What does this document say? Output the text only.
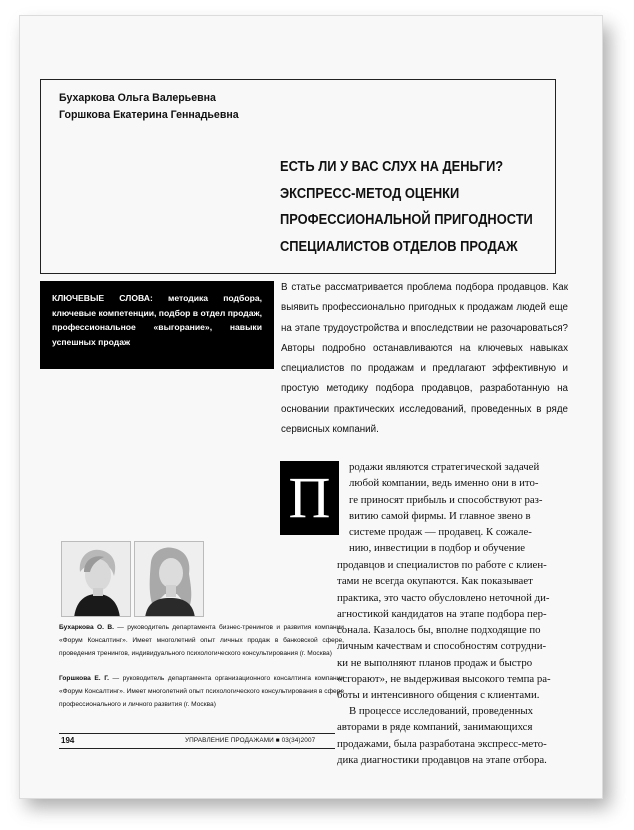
Бухаркова Ольга Валерьевна
Горшкова Екатерина Геннадьевна
ЕСТЬ ЛИ У ВАС СЛУХ НА ДЕНЬГИ?
ЭКСПРЕСС-МЕТОД ОЦЕНКИ
ПРОФЕССИОНАЛЬНОЙ ПРИГОДНОСТИ
СПЕЦИАЛИСТОВ ОТДЕЛОВ ПРОДАЖ
КЛЮЧЕВЫЕ СЛОВА: методика подбора, ключевые компетенции, подбор в отдел продаж, профессиональное «выгорание», навыки успешных продаж

В статье рассматривается проблема подбора продавцов. Как выявить профессионально пригодных к продажам людей еще на этапе трудоустройства и впоследствии не разочароваться? Авторы подробно останавливаются на ключевых навыках специалистов по продажам и предлагают эффективную и простую методику подбора продавцов, разработанную на основании практических исследований, проведенных в ряде сервисных компаний.

П	родажи являются стратегической задачей
любой компании, ведь именно они в ито-
ге приносят прибыль и способствуют раз-
витию самой фирмы. И главное звено в
системе продаж — продавец. К сожале-
нию, инвестиции в подбор и обучение

продавцов и специалистов по работе с клиен-
тами не всегда окупаются. Как показывает
практика, это часто обусловлено неточной ди-
агностикой кандидатов на этапе подбора пер-
сонала. Казалось бы, вполне подходящие по
личным качествам и способностям сотрудни-
ки не выполняют планов продаж и быстро
«сгорают», не выдерживая высокого темпа ра-
боты и интенсивного общения с клиентами.

В процессе исследований, проведенных
авторами в ряде компаний, занимающихся
продажами, была разработана экспресс-мето-
дика диагностики продавцов на этапе отбора.

Бухаркова О. В. — руководитель департамента бизнес-тренингов и развития компании «Форум Консалтинг». Имеет многолетний опыт личных продаж в банковской сфере, проведения тренингов, индивидуального психологического консультирования (г. Москва)

Горшкова Е. Г. — руководитель департамента организационного консалтинга компании «Форум Консалтинг». Имеет многолетний опыт психологического консультирования в сфере профессионального и личного развития (г. Москва)

194	УПРАВЛЕНИЕ ПРОДАЖАМИ ■ 03(34)2007
